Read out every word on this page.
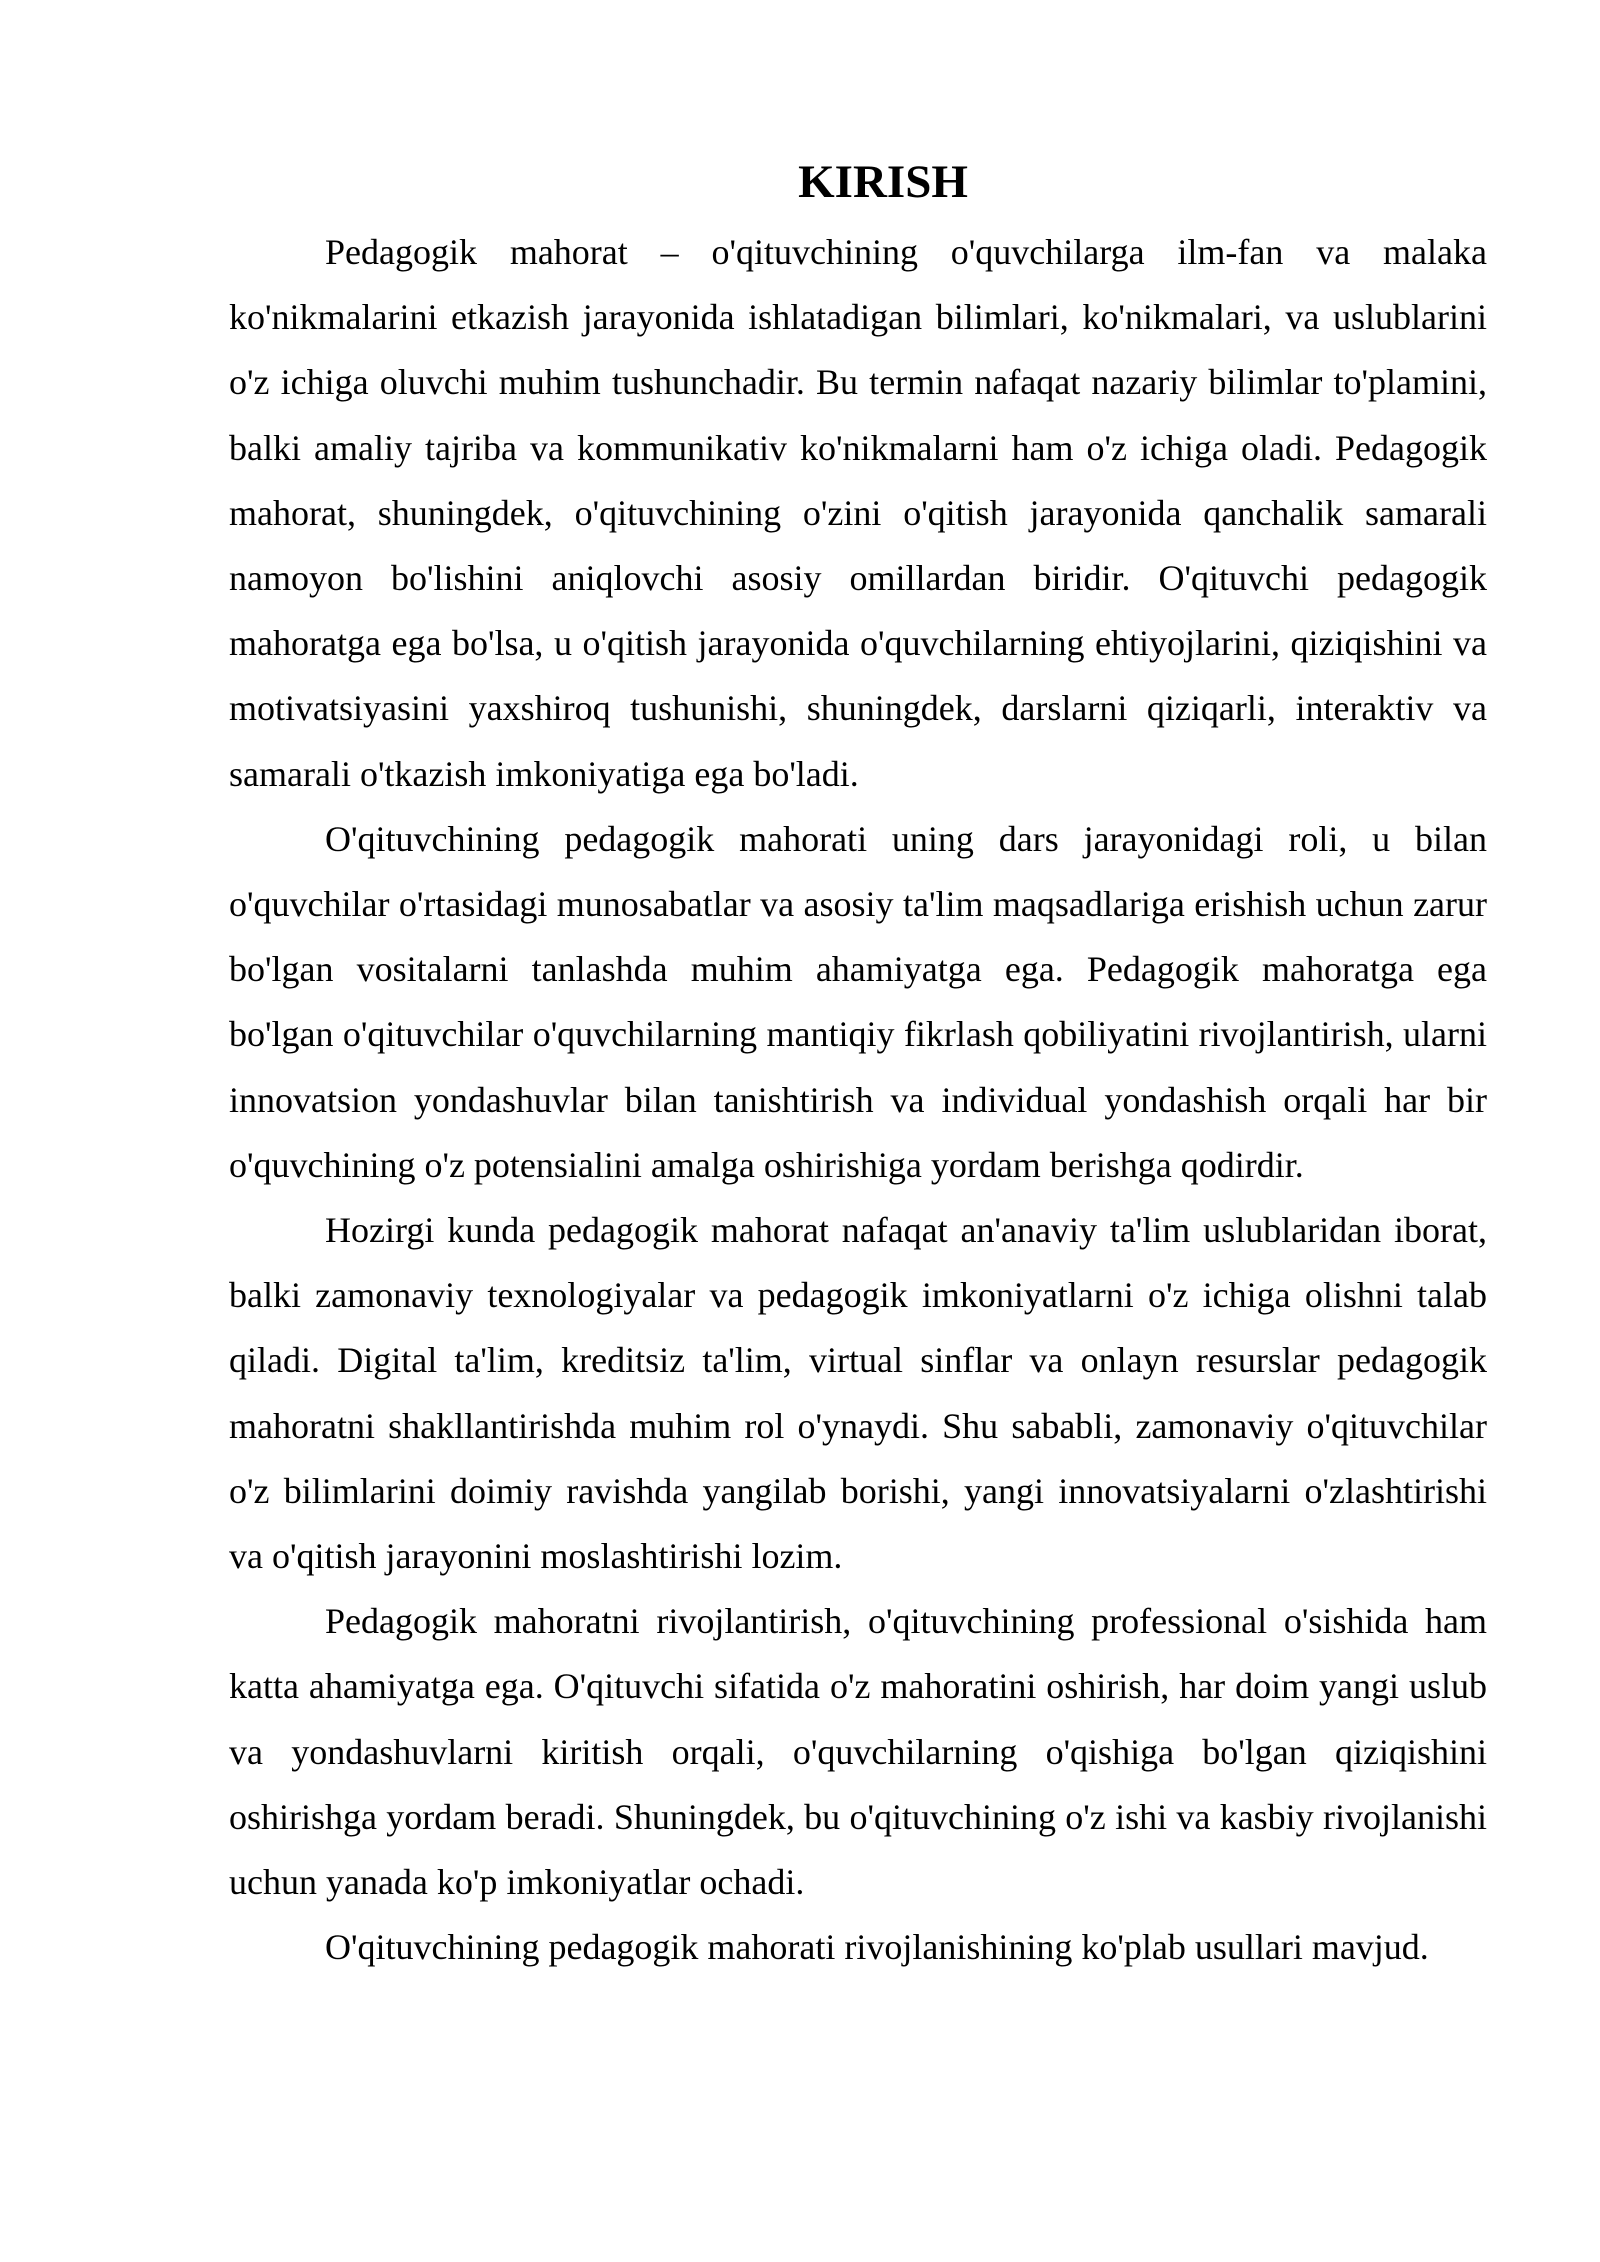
KIRISH

Pedagogik mahorat – o'qituvchining o'quvchilarga ilm-fan va malaka ko'nikmalarini etkazish jarayonida ishlatadigan bilimlari, ko'nikmalari, va uslublarini o'z ichiga oluvchi muhim tushunchadir. Bu termin nafaqat nazariy bilimlar to'plamini, balki amaliy tajriba va kommunikativ ko'nikmalarni ham o'z ichiga oladi. Pedagogik mahorat, shuningdek, o'qituvchining o'zini o'qitish jarayonida qanchalik samarali namoyon bo'lishini aniqlovchi asosiy omillardan biridir. O'qituvchi pedagogik mahoratga ega bo'lsa, u o'qitish jarayonida o'quvchilarning ehtiyojlarini, qiziqishini va motivatsiyasini yaxshiroq tushunishi, shuningdek, darslarni qiziqarli, interaktiv va samarali o'tkazish imkoniyatiga ega bo'ladi.

O'qituvchining pedagogik mahorati uning dars jarayonidagi roli, u bilan o'quvchilar o'rtasidagi munosabatlar va asosiy ta'lim maqsadlariga erishish uchun zarur bo'lgan vositalarni tanlashda muhim ahamiyatga ega. Pedagogik mahoratga ega bo'lgan o'qituvchilar o'quvchilarning mantiqiy fikrlash qobiliyatini rivojlantirish, ularni innovatsion yondashuvlar bilan tanishtirish va individual yondashish orqali har bir o'quvchining o'z potensialini amalga oshirishiga yordam berishga qodirdir.

Hozirgi kunda pedagogik mahorat nafaqat an'anaviy ta'lim uslublaridan iborat, balki zamonaviy texnologiyalar va pedagogik imkoniyatlarni o'z ichiga olishni talab qiladi. Digital ta'lim, kreditsiz ta'lim, virtual sinflar va onlayn resurslar pedagogik mahoratni shakllantirishda muhim rol o'ynaydi. Shu sababli, zamonaviy o'qituvchilar o'z bilimlarini doimiy ravishda yangilab borishi, yangi innovatsiyalarni o'zlashtirishi va o'qitish jarayonini moslashtirishi lozim.

Pedagogik mahoratni rivojlantirish, o'qituvchining professional o'sishida ham katta ahamiyatga ega. O'qituvchi sifatida o'z mahoratini oshirish, har doim yangi uslub va yondashuvlarni kiritish orqali, o'quvchilarning o'qishiga bo'lgan qiziqishini oshirishga yordam beradi. Shuningdek, bu o'qituvchining o'z ishi va kasbiy rivojlanishi uchun yanada ko'p imkoniyatlar ochadi.

O'qituvchining pedagogik mahorati rivojlanishining ko'plab usullari mavjud.
